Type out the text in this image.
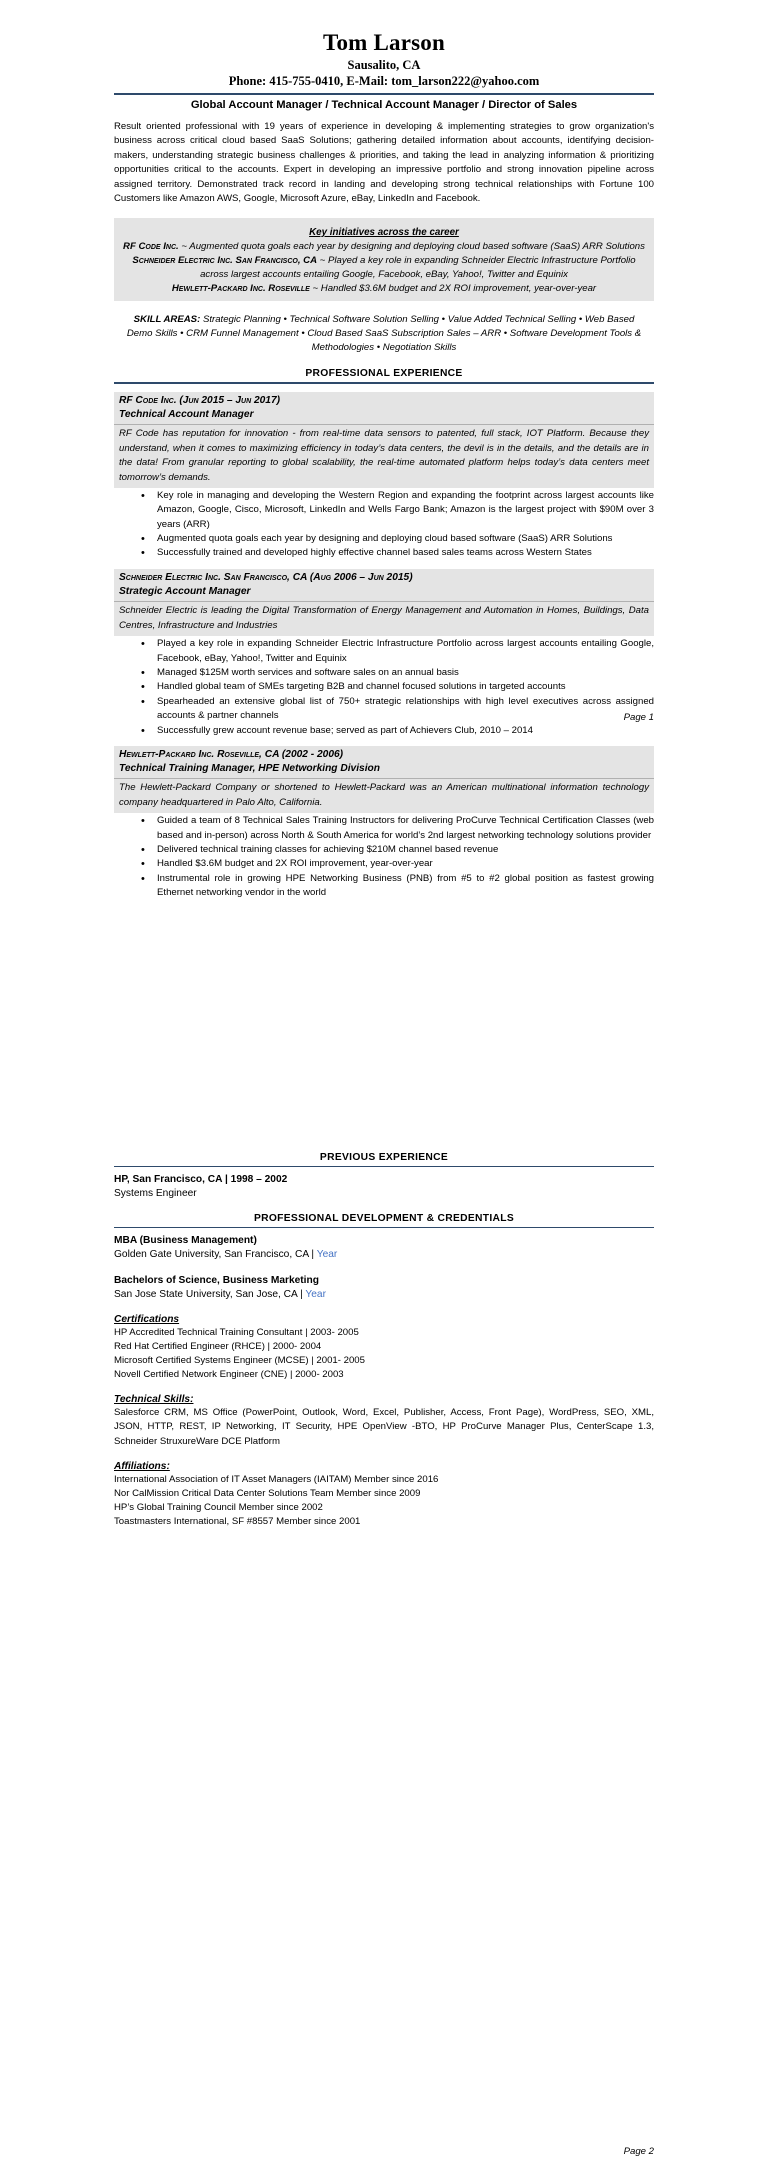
Tom Larson
Sausalito, CA
Phone: 415-755-0410, E-Mail: tom_larson222@yahoo.com
Global Account Manager / Technical Account Manager / Director of Sales
Result oriented professional with 19 years of experience in developing & implementing strategies to grow organization's business across critical cloud based SaaS Solutions; gathering detailed information about accounts, identifying decision-makers, understanding strategic business challenges & priorities, and taking the lead in analyzing information & prioritizing opportunities critical to the accounts. Expert in developing an impressive portfolio and strong innovation pipeline across assigned territory. Demonstrated track record in landing and developing strong technical relationships with Fortune 100 Customers like Amazon AWS, Google, Microsoft Azure, eBay, LinkedIn and Facebook.
Key initiatives across the career
RF Code Inc. ~ Augmented quota goals each year by designing and deploying cloud based software (SaaS) ARR Solutions
Schneider Electric Inc. San Francisco, CA ~ Played a key role in expanding Schneider Electric Infrastructure Portfolio across largest accounts entailing Google, Facebook, eBay, Yahoo!, Twitter and Equinix
Hewlett-Packard Inc. Roseville ~ Handled $3.6M budget and 2X ROI improvement, year-over-year
SKILL AREAS: Strategic Planning • Technical Software Solution Selling • Value Added Technical Selling • Web Based Demo Skills • CRM Funnel Management • Cloud Based SaaS Subscription Sales – ARR • Software Development Tools & Methodologies • Negotiation Skills
PROFESSIONAL EXPERIENCE
RF Code Inc. (Jun 2015 – Jun 2017)
Technical Account Manager
RF Code has reputation for innovation - from real-time data sensors to patented, full stack, IOT Platform. Because they understand, when it comes to maximizing efficiency in today’s data centers, the devil is in the details, and the details are in the data! From granular reporting to global scalability, the real-time automated platform helps today’s data centers meet tomorrow’s demands.
• Key role in managing and developing the Western Region and expanding the footprint across largest accounts like Amazon, Google, Cisco, Microsoft, LinkedIn and Wells Fargo Bank; Amazon is the largest project with $90M over 3 years (ARR)
• Augmented quota goals each year by designing and deploying cloud based software (SaaS) ARR Solutions
• Successfully trained and developed highly effective channel based sales teams across Western States
Schneider Electric Inc. San Francisco, CA (Aug 2006 – Jun 2015)
Strategic Account Manager
Schneider Electric is leading the Digital Transformation of Energy Management and Automation in Homes, Buildings, Data Centres, Infrastructure and Industries
• Played a key role in expanding Schneider Electric Infrastructure Portfolio across largest accounts entailing Google, Facebook, eBay, Yahoo!, Twitter and Equinix
• Managed $125M worth services and software sales on an annual basis
• Handled global team of SMEs targeting B2B and channel focused solutions in targeted accounts
• Spearheaded an extensive global list of 750+ strategic relationships with high level executives across assigned accounts & partner channels
• Successfully grew account revenue base; served as part of Achievers Club, 2010 – 2014
Hewlett-Packard Inc. Roseville, CA (2002 - 2006)
Technical Training Manager, HPE Networking Division
The Hewlett-Packard Company or shortened to Hewlett-Packard was an American multinational information technology company headquartered in Palo Alto, California.
• Guided a team of 8 Technical Sales Training Instructors for delivering ProCurve Technical Certification Classes (web based and in-person) across North & South America for world’s 2nd largest networking technology solutions provider
• Delivered technical training classes for achieving $210M channel based revenue
• Handled $3.6M budget and 2X ROI improvement, year-over-year
• Instrumental role in growing HPE Networking Business (PNB) from #5 to #2 global position as fastest growing Ethernet networking vendor in the world
Page 1
PREVIOUS EXPERIENCE
HP, San Francisco, CA | 1998 – 2002
Systems Engineer
PROFESSIONAL DEVELOPMENT & CREDENTIALS
MBA (Business Management)
Golden Gate University, San Francisco, CA | Year
Bachelors of Science, Business Marketing
San Jose State University, San Jose, CA | Year
Certifications
HP Accredited Technical Training Consultant | 2003- 2005
Red Hat Certified Engineer (RHCE) | 2000- 2004
Microsoft Certified Systems Engineer (MCSE) | 2001- 2005
Novell Certified Network Engineer (CNE) | 2000- 2003
Technical Skills:
Salesforce CRM, MS Office (PowerPoint, Outlook, Word, Excel, Publisher, Access, Front Page), WordPress, SEO, XML, JSON, HTTP, REST, IP Networking, IT Security, HPE OpenView -BTO, HP ProCurve Manager Plus, CenterScape 1.3, Schneider StruxureWare DCE Platform
Affiliations:
International Association of IT Asset Managers (IAITAM) Member since 2016
Nor CalMission Critical Data Center Solutions Team Member since 2009
HP’s Global Training Council Member since 2002
Toastmasters International, SF #8557 Member since 2001
Page 2
